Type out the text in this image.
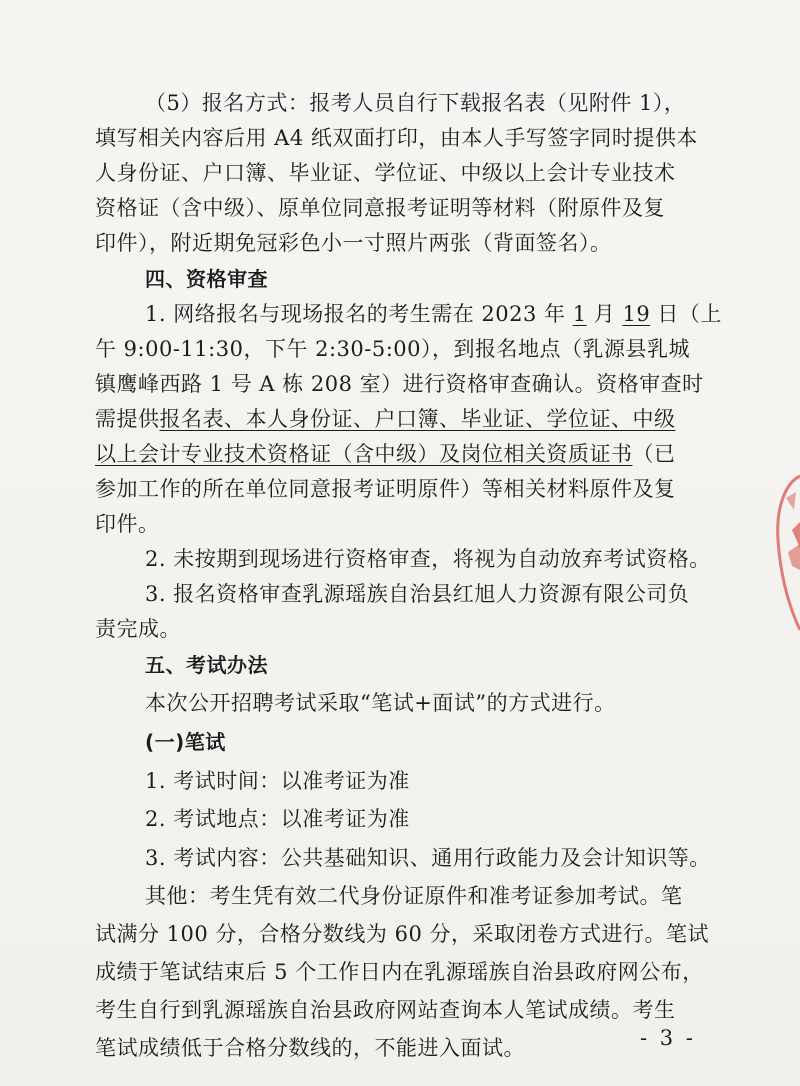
（5）报名方式：报考人员自行下载报名表（见附件 1），
填写相关内容后用 A4 纸双面打印，由本人手写签字同时提供本
人身份证、户口簿、毕业证、学位证、中级以上会计专业技术
资格证（含中级）、原单位同意报考证明等材料（附原件及复
印件），附近期免冠彩色小一寸照片两张（背面签名）。
四、资格审查
1. 网络报名与现场报名的考生需在 2023 年 1 月 19 日（上
午 9:00-11:30，下午 2:30-5:00），到报名地点（乳源县乳城
镇鹰峰西路 1 号 A 栋 208 室）进行资格审查确认。资格审查时
需提供报名表、本人身份证、户口簿、毕业证、学位证、中级
以上会计专业技术资格证（含中级）及岗位相关资质证书（已
参加工作的所在单位同意报考证明原件）等相关材料原件及复
印件。
2. 未按期到现场进行资格审查，将视为自动放弃考试资格。
3. 报名资格审查乳源瑶族自治县红旭人力资源有限公司负
责完成。
五、考试办法
本次公开招聘考试采取“笔试+面试”的方式进行。
(一)笔试
1. 考试时间：以准考证为准
2. 考试地点：以准考证为准
3. 考试内容：公共基础知识、通用行政能力及会计知识等。
其他：考生凭有效二代身份证原件和准考证参加考试。笔
试满分 100 分，合格分数线为 60 分，采取闭卷方式进行。笔试
成绩于笔试结束后 5 个工作日内在乳源瑶族自治县政府网公布，
考生自行到乳源瑶族自治县政府网站查询本人笔试成绩。考生
笔试成绩低于合格分数线的，不能进入面试。	- 3 -
